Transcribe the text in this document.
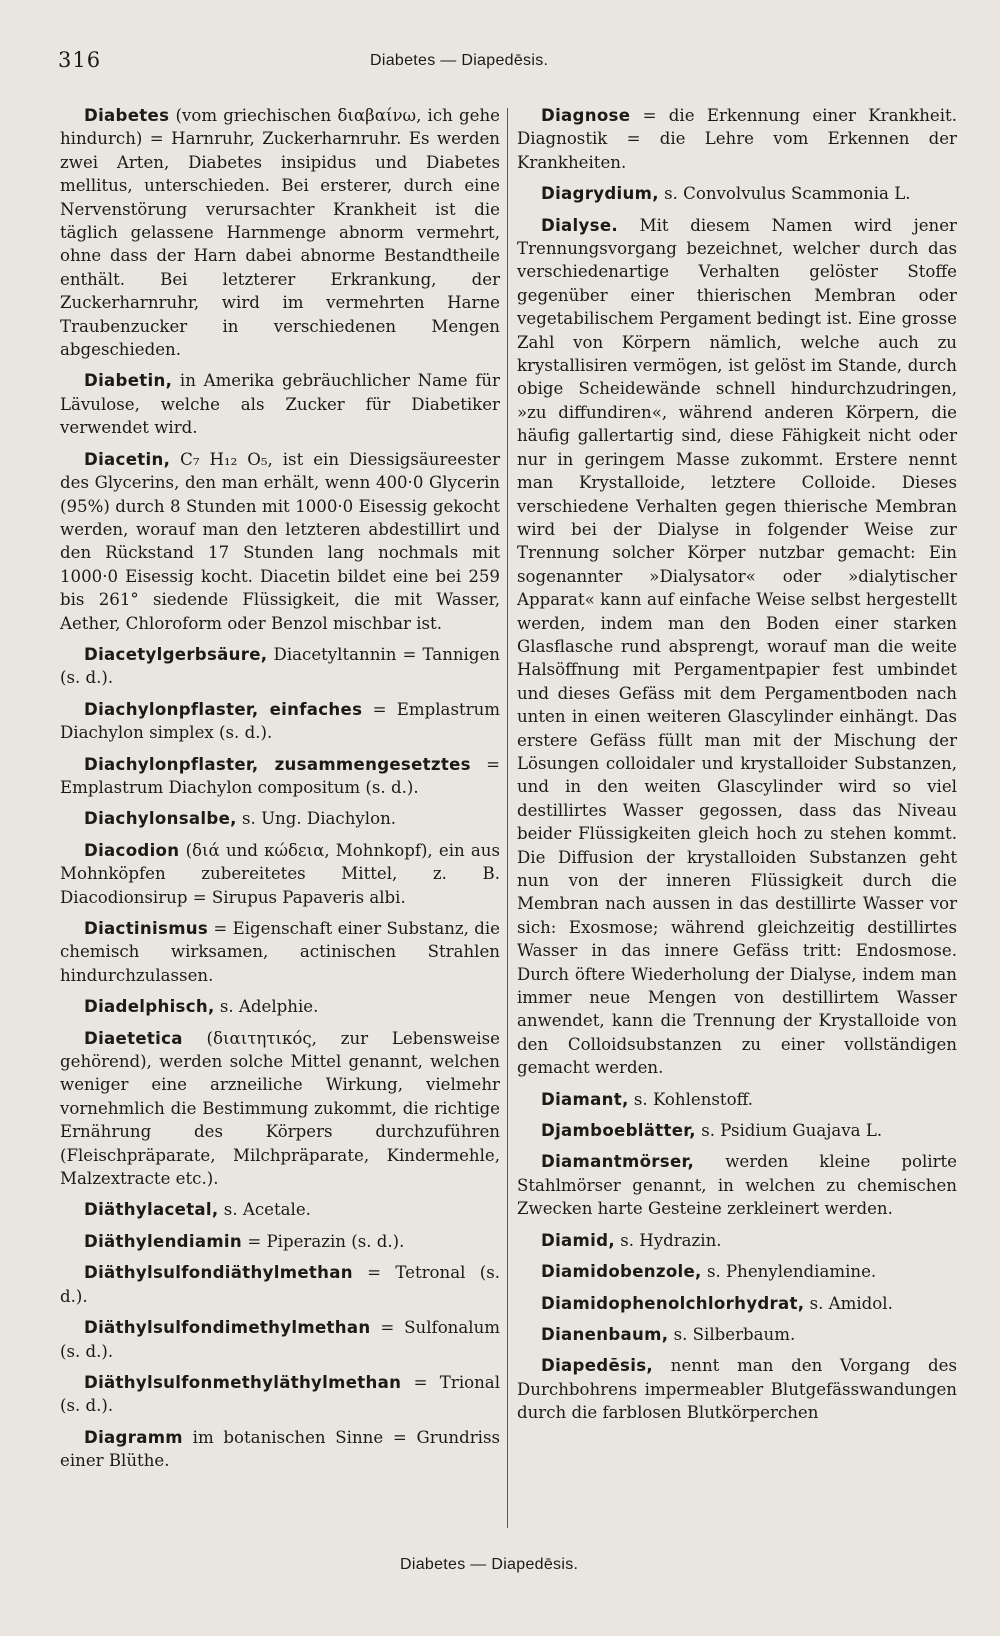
316	Diabetes — Diapedēsis.

Diabetes (vom griechischen διαβαίνω, ich gehe hindurch) = Harnruhr, Zuckerharnruhr. Es werden zwei Arten, Diabetes insipidus und Diabetes mellitus, unterschieden. Bei ersterer, durch eine Nervenstörung verursachter Krankheit ist die täglich gelassene Harnmenge abnorm vermehrt, ohne dass der Harn dabei abnorme Bestandtheile enthält. Bei letzterer Erkrankung, der Zuckerharnruhr, wird im vermehrten Harne Traubenzucker in verschiedenen Mengen abgeschieden.

Diabetin, in Amerika gebräuchlicher Name für Lävulose, welche als Zucker für Diabetiker verwendet wird.

Diacetin, C₇ H₁₂ O₅, ist ein Diessigsäureester des Glycerins, den man erhält, wenn 400·0 Glycerin (95%) durch 8 Stunden mit 1000·0 Eisessig gekocht werden, worauf man den letzteren abdestillirt und den Rückstand 17 Stunden lang nochmals mit 1000·0 Eisessig kocht. Diacetin bildet eine bei 259 bis 261° siedende Flüssigkeit, die mit Wasser, Aether, Chloroform oder Benzol mischbar ist.

Diacetylgerbsäure, Diacetyltannin = Tannigen (s. d.).

Diachylonpflaster, einfaches = Emplastrum Diachylon simplex (s. d.).

Diachylonpflaster, zusammengesetztes = Emplastrum Diachylon compositum (s. d.).

Diachylonsalbe, s. Ung. Diachylon.

Diacodion (διά und κώδεια, Mohnkopf), ein aus Mohnköpfen zubereitetes Mittel, z. B. Diacodionsirup = Sirupus Papaveris albi.

Diactinismus = Eigenschaft einer Substanz, die chemisch wirksamen, actinischen Strahlen hindurchzulassen.

Diadelphisch, s. Adelphie.

Diaetetica (διαιτητικός, zur Lebensweise gehörend), werden solche Mittel genannt, welchen weniger eine arzneiliche Wirkung, vielmehr vornehmlich die Bestimmung zukommt, die richtige Ernährung des Körpers durchzuführen (Fleischpräparate, Milchpräparate, Kindermehle, Malzextracte etc.).

Diäthylacetal, s. Acetale.

Diäthylendiamin = Piperazin (s. d.).

Diäthylsulfondiäthylmethan = Tetronal (s. d.).

Diäthylsulfondimethylmethan = Sulfonalum (s. d.).

Diäthylsulfonmethyläthylmethan = Trional (s. d.).

Diagramm im botanischen Sinne = Grundriss einer Blüthe.

Diagnose = die Erkennung einer Krankheit. Diagnostik = die Lehre vom Erkennen der Krankheiten.

Diagrydium, s. Convolvulus Scammonia L.

Dialyse. Mit diesem Namen wird jener Trennungsvorgang bezeichnet, welcher durch das verschiedenartige Verhalten gelöster Stoffe gegenüber einer thierischen Membran oder vegetabilischem Pergament bedingt ist. Eine grosse Zahl von Körpern nämlich, welche auch zu krystallisiren vermögen, ist gelöst im Stande, durch obige Scheidewände schnell hindurchzudringen, »zu diffundiren«, während anderen Körpern, die häufig gallertartig sind, diese Fähigkeit nicht oder nur in geringem Masse zukommt. Erstere nennt man Krystalloide, letztere Colloide. Dieses verschiedene Verhalten gegen thierische Membran wird bei der Dialyse in folgender Weise zur Trennung solcher Körper nutzbar gemacht: Ein sogenannter »Dialysator« oder »dialytischer Apparat« kann auf einfache Weise selbst hergestellt werden, indem man den Boden einer starken Glasflasche rund absprengt, worauf man die weite Halsöffnung mit Pergamentpapier fest umbindet und dieses Gefäss mit dem Pergamentboden nach unten in einen weiteren Glascylinder einhängt. Das erstere Gefäss füllt man mit der Mischung der Lösungen colloidaler und krystalloider Substanzen, und in den weiten Glascylinder wird so viel destillirtes Wasser gegossen, dass das Niveau beider Flüssigkeiten gleich hoch zu stehen kommt. Die Diffusion der krystalloiden Substanzen geht nun von der inneren Flüssigkeit durch die Membran nach aussen in das destillirte Wasser vor sich: Exosmose; während gleichzeitig destillirtes Wasser in das innere Gefäss tritt: Endosmose. Durch öftere Wiederholung der Dialyse, indem man immer neue Mengen von destillirtem Wasser anwendet, kann die Trennung der Krystalloide von den Colloidsubstanzen zu einer vollständigen gemacht werden.

Diamant, s. Kohlenstoff.

Djamboeblätter, s. Psidium Guajava L.

Diamantmörser, werden kleine polirte Stahlmörser genannt, in welchen zu chemischen Zwecken harte Gesteine zerkleinert werden.

Diamid, s. Hydrazin.

Diamidobenzole, s. Phenylendiamine.

Diamidophenolchlorhydrat, s. Amidol.

Dianenbaum, s. Silberbaum.

Diapedēsis, nennt man den Vorgang des Durchbohrens impermeabler Blutgefässwandungen durch die farblosen Blutkörperchen

Diabetes — Diapedēsis.
